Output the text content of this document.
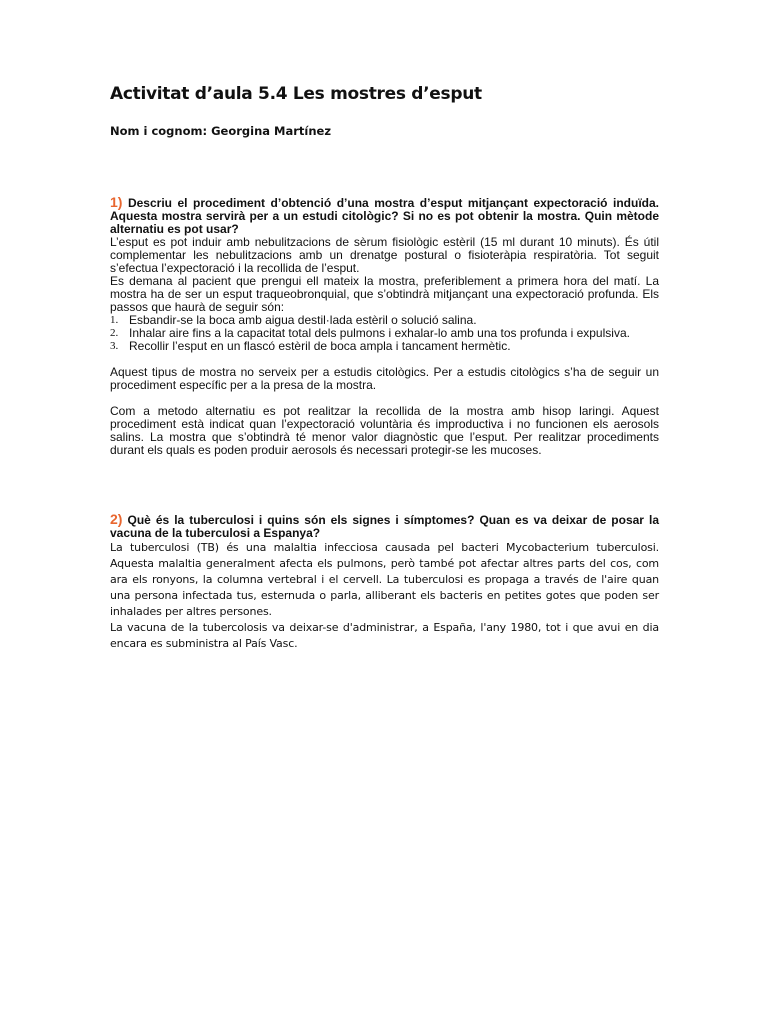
Activitat d’aula 5.4 Les mostres d’esput
Nom i cognom: Georgina Martínez

1) Descriu el procediment d’obtenció d’una mostra d’esput mitjançant expectoració induïda. Aquesta mostra servirà per a un estudi citològic? Si no es pot obtenir la mostra. Quin mètode alternatiu es pot usar?

L’esput es pot induir amb nebulitzacions de sèrum fisiològic estèril (15 ml durant 10 minuts). És útil complementar les nebulitzacions amb un drenatge postural o fisioteràpia respiratòria. Tot seguit s’efectua l’expectoració i la recollida de l’esput.

Es demana al pacient que prengui ell mateix la mostra, preferiblement a primera hora del matí. La mostra ha de ser un esput traqueobronquial, que s’obtindrà mitjançant una expectoració profunda. Els passos que haurà de seguir són:

1. Esbandir-se la boca amb aigua destil·lada estèril o solució salina.
2. Inhalar aire fins a la capacitat total dels pulmons i exhalar-lo amb una tos profunda i expulsiva.
3. Recollir l’esput en un flascó estèril de boca ampla i tancament hermètic.

Aquest tipus de mostra no serveix per a estudis citològics. Per a estudis citològics s’ha de seguir un procediment específic per a la presa de la mostra.

Com a metodo alternatiu es pot realitzar la recollida de la mostra amb hisop laringi. Aquest procediment està indicat quan l’expectoració voluntària és improductiva i no funcionen els aerosols salins. La mostra que s’obtindrà té menor valor diagnòstic que l’esput. Per realitzar procediments durant els quals es poden produir aerosols és necessari protegir-se les mucoses.

2) Què és la tuberculosi i quins són els signes i símptomes? Quan es va deixar de posar la vacuna de la tuberculosi a Espanya?

La tuberculosi (TB) és una malaltia infecciosa causada pel bacteri Mycobacterium tuberculosi. Aquesta malaltia generalment afecta els pulmons, però també pot afectar altres parts del cos, com ara els ronyons, la columna vertebral i el cervell. La tuberculosi es propaga a través de l'aire quan una persona infectada tus, esternuda o parla, alliberant els bacteris en petites gotes que poden ser inhalades per altres persones.

La vacuna de la tubercolosis va deixar-se d'administrar, a España, l'any 1980, tot i que avui en dia encara es subministra al País Vasc.
